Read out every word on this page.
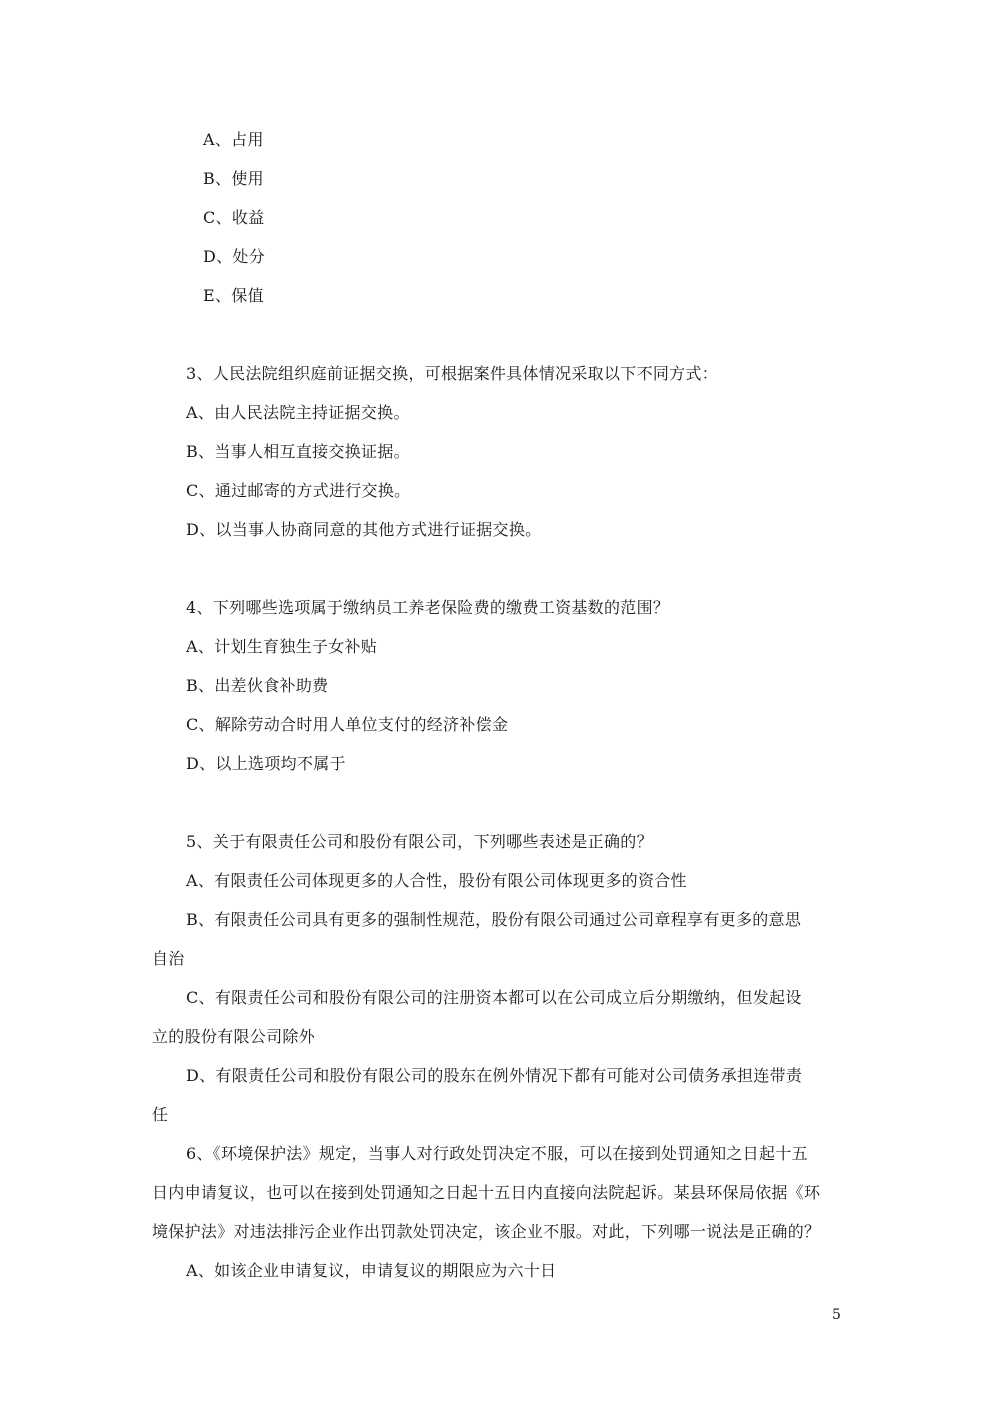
A、占用
B、使用
C、收益
D、处分
E、保值
3、人民法院组织庭前证据交换，可根据案件具体情况采取以下不同方式：
A、由人民法院主持证据交换。
B、当事人相互直接交换证据。
C、通过邮寄的方式进行交换。
D、以当事人协商同意的其他方式进行证据交换。
4、下列哪些选项属于缴纳员工养老保险费的缴费工资基数的范围？
A、计划生育独生子女补贴
B、出差伙食补助费
C、解除劳动合时用人单位支付的经济补偿金
D、以上选项均不属于
5、关于有限责任公司和股份有限公司，下列哪些表述是正确的？
A、有限责任公司体现更多的人合性，股份有限公司体现更多的资合性
B、有限责任公司具有更多的强制性规范，股份有限公司通过公司章程享有更多的意思
自治
C、有限责任公司和股份有限公司的注册资本都可以在公司成立后分期缴纳，但发起设
立的股份有限公司除外
D、有限责任公司和股份有限公司的股东在例外情况下都有可能对公司债务承担连带责
任
6、《环境保护法》规定，当事人对行政处罚决定不服，可以在接到处罚通知之日起十五
日内申请复议，也可以在接到处罚通知之日起十五日内直接向法院起诉。某县环保局依据《环
境保护法》对违法排污企业作出罚款处罚决定，该企业不服。对此，下列哪一说法是正确的？
A、如该企业申请复议，申请复议的期限应为六十日
5
